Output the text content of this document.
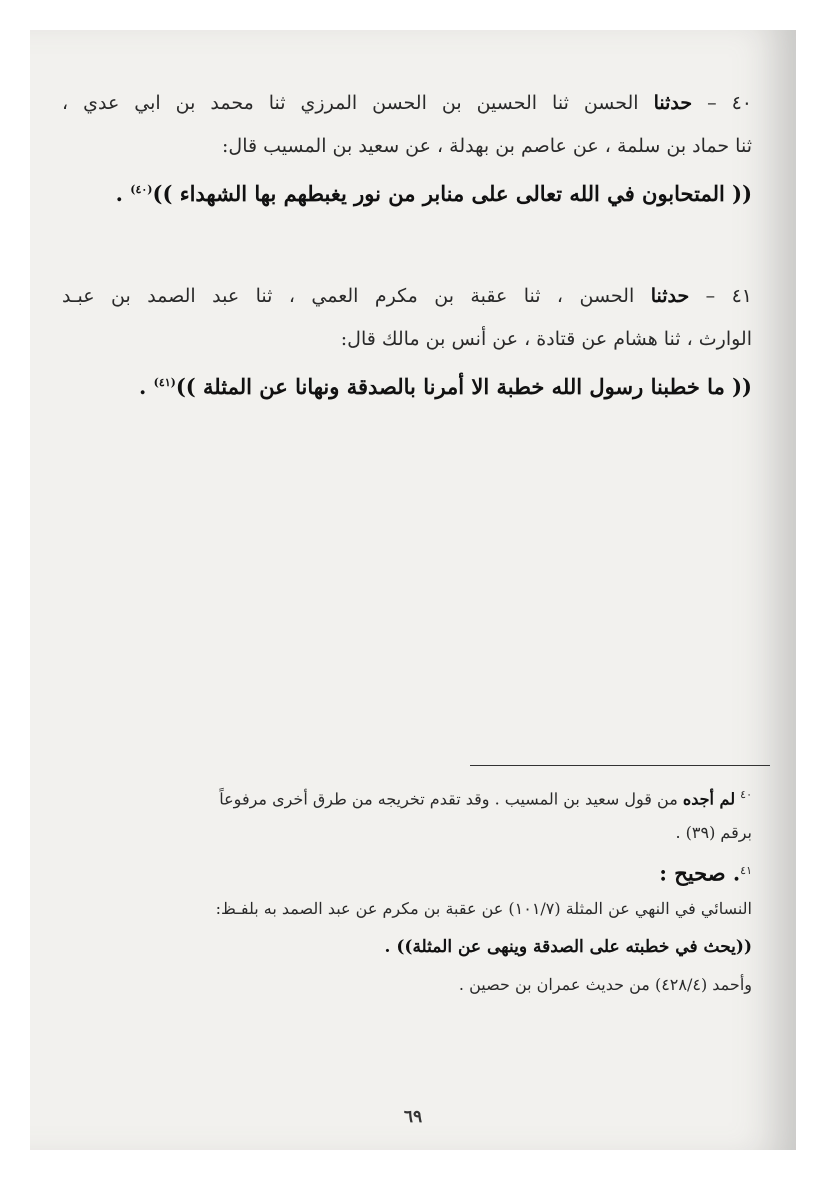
٤٠ – حدثنا الحسن ثنا الحسين بن الحسن المرزي ثنا محمد بن ابي عدي ،
ثنا حماد بن سلمة ، عن عاصم بن بهدلة ، عن سعيد بن المسيب قال:
(( المتحابون في الله تعالى على منابر من نور يغبطهم بها الشهداء ))$^{(٤٠)}$ .
٤١ – حدثنا الحسن ، ثنا عقبة بن مكرم العمي ، ثنا عبد الصمد بن عبـد
الوارث ، ثنا هشام عن قتادة ، عن أنس بن مالك قال:
(( ما خطبنا رسول الله خطبة الا أمرنا بالصدقة ونهانا عن المثلة ))$^{(٤١)}$ .
$^{٤٠}$ لم أجده من قول سعيد بن المسيب . وقد تقدم تخريجه من طرق أخرى مرفوعاً
برقم (٣٩) .
$^{٤١}$. صحيح :
النسائي في النهي عن المثلة (١٠١/٧) عن عقبة بن مكرم عن عبد الصمد به بلفـظ:
((يحث في خطبته على الصدقة وينهى عن المثلة)) .
وأحمد (٤٢٨/٤) من حديث عمران بن حصين .
٦٩
